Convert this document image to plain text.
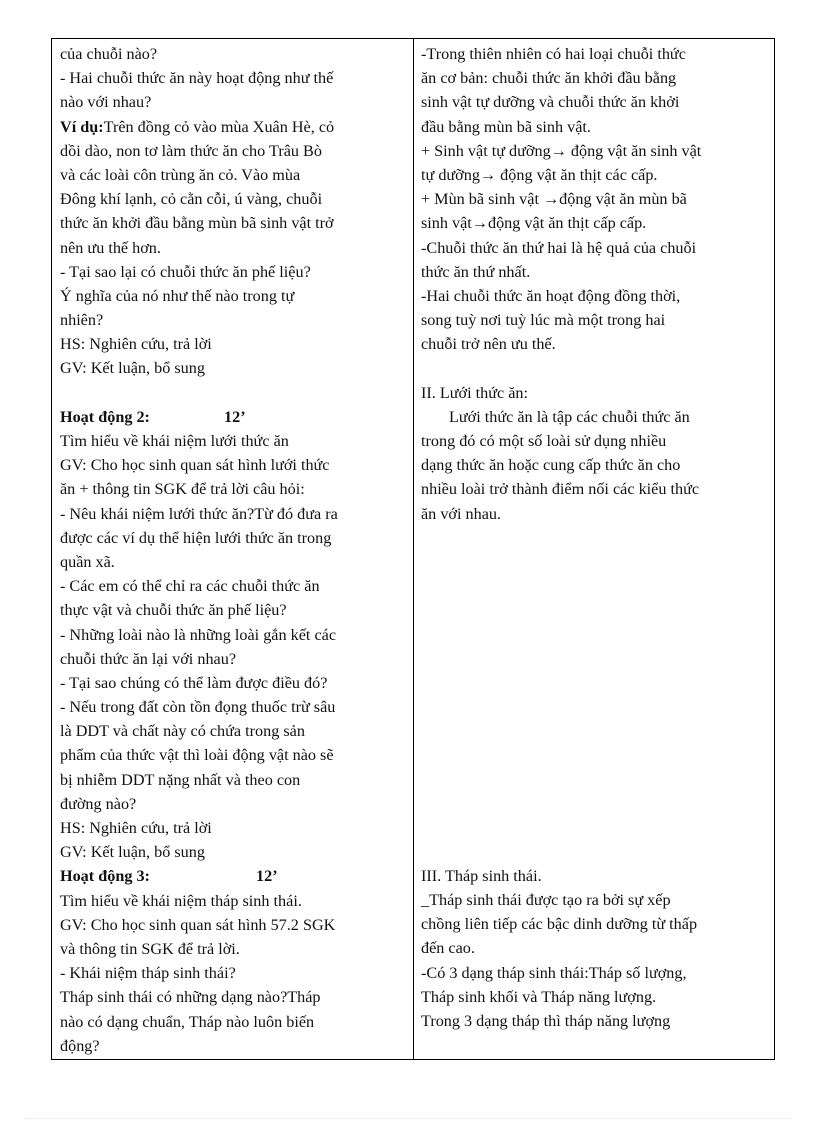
của chuỗi nào?
- Hai chuỗi thức ăn này hoạt động như thế
nào với nhau?
Ví dụ:Trên đồng cỏ vào mùa Xuân Hè, cỏ
dồi dào, non tơ làm thức ăn cho Trâu Bò
và các loài côn trùng ăn cỏ. Vào mùa
Đông khí lạnh, cỏ cằn cỗi, ú vàng, chuỗi
thức ăn khởi đầu bằng mùn bã sinh vật trở
nên ưu thế hơn.
- Tại sao lại có chuỗi thức ăn phế liệu?
Ý nghĩa của nó như thế nào trong tự
nhiên?
HS: Nghiên cứu, trả lời
GV: Kết luận, bổ sung
Hoạt động 2:	12’
Tìm hiểu về khái niệm lưới thức ăn
GV: Cho học sinh quan sát hình lưới thức
ăn + thông tin SGK để trả lời câu hỏi:
- Nêu khái niệm lưới thức ăn?Từ đó đưa ra
được các ví dụ thể hiện lưới thức ăn trong
quần xã.
- Các em có thể chỉ ra các chuỗi thức ăn
thực vật và chuỗi thức ăn phế liệu?
- Những loài nào là những loài gắn kết các
chuỗi thức ăn lại với nhau?
- Tại sao chúng có thể làm được điều đó?
- Nếu trong đất còn tồn đọng thuốc trừ sâu
là DDT và chất này có chứa trong sản
phẩm của thức vật thì loài động vật nào sẽ
bị nhiễm DDT nặng nhất và theo con
đường nào?
HS: Nghiên cứu, trả lời
GV: Kết luận, bổ sung
Hoạt động 3:	12’
Tìm hiểu về khái niệm tháp sinh thái.
GV: Cho học sinh quan sát hình 57.2 SGK
và thông tin SGK để trả lời.
- Khái niệm tháp sinh thái?
Tháp sinh thái có những dạng nào?Tháp
nào có dạng chuẩn, Tháp nào luôn biến
động?
-Trong thiên nhiên có hai loại chuỗi thức
ăn cơ bản: chuỗi thức ăn khởi đầu bằng
sinh vật tự dưỡng và chuỗi thức ăn khởi
đầu bằng mùn bã sinh vật.
+ Sinh vật tự dưỡng→ động vật ăn sinh vật
tự dưỡng→ động vật ăn thịt các cấp.
+ Mùn bã sinh vật →động vật ăn mùn bã
sinh vật→động vật ăn thịt cấp cấp.
-Chuỗi thức ăn thứ hai là hệ quả của chuỗi
thức ăn thứ nhất.
-Hai chuỗi thức ăn hoạt động đồng thời,
song tuỳ nơi tuỳ lúc mà một trong hai
chuỗi trở nên ưu thế.
II. Lưới thức ăn:
Lưới thức ăn là tập các chuỗi thức ăn
trong đó có một số loài sử dụng nhiều
dạng thức ăn hoặc cung cấp thức ăn cho
nhiều loài trở thành điểm nối các kiểu thức
ăn với nhau.
III. Tháp sinh thái.
_Tháp sinh thái được tạo ra bởi sự xếp
chồng liên tiếp các bậc dinh dưỡng từ thấp
đến cao.
-Có 3 dạng tháp sinh thái:Tháp số lượng,
Tháp sinh khối và Tháp năng lượng.
Trong 3 dạng tháp thì tháp năng lượng
